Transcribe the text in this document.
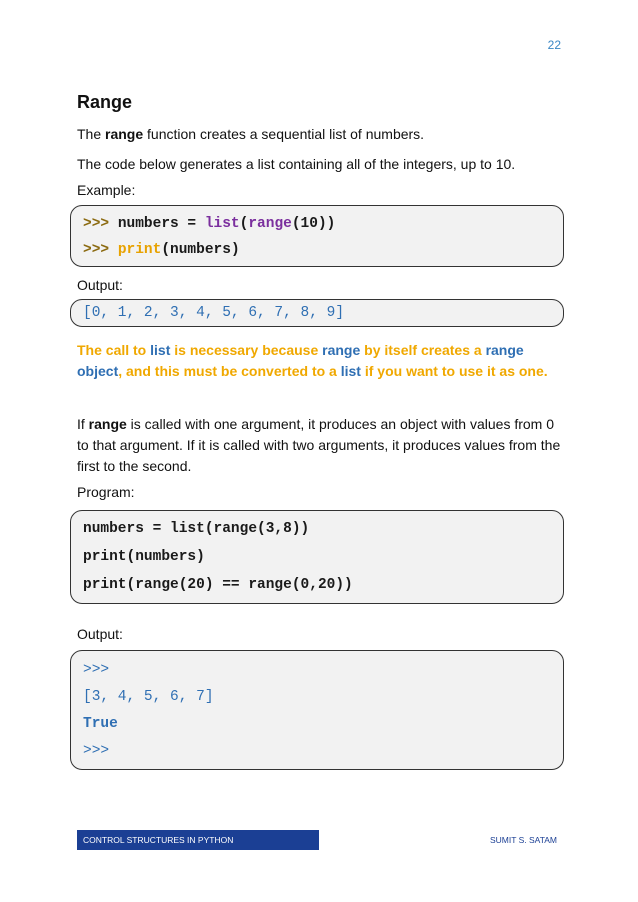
22
Range

The range function creates a sequential list of numbers.

The code below generates a list containing all of the integers, up to 10.

Example:

>>> numbers = list(range(10))
>>> print(numbers)

Output:

[0, 1, 2, 3, 4, 5, 6, 7, 8, 9]

The call to list is necessary because range by itself creates a range object, and this must be converted to a list if you want to use it as one.

If range is called with one argument, it produces an object with values from 0 to that argument. If it is called with two arguments, it produces values from the first to the second.

Program:

numbers = list(range(3,8))
print(numbers)
print(range(20) == range(0,20))

Output:

>>>
[3, 4, 5, 6, 7]
True
>>>
CONTROL STRUCTURES IN PYTHON	SUMIT S. SATAM
